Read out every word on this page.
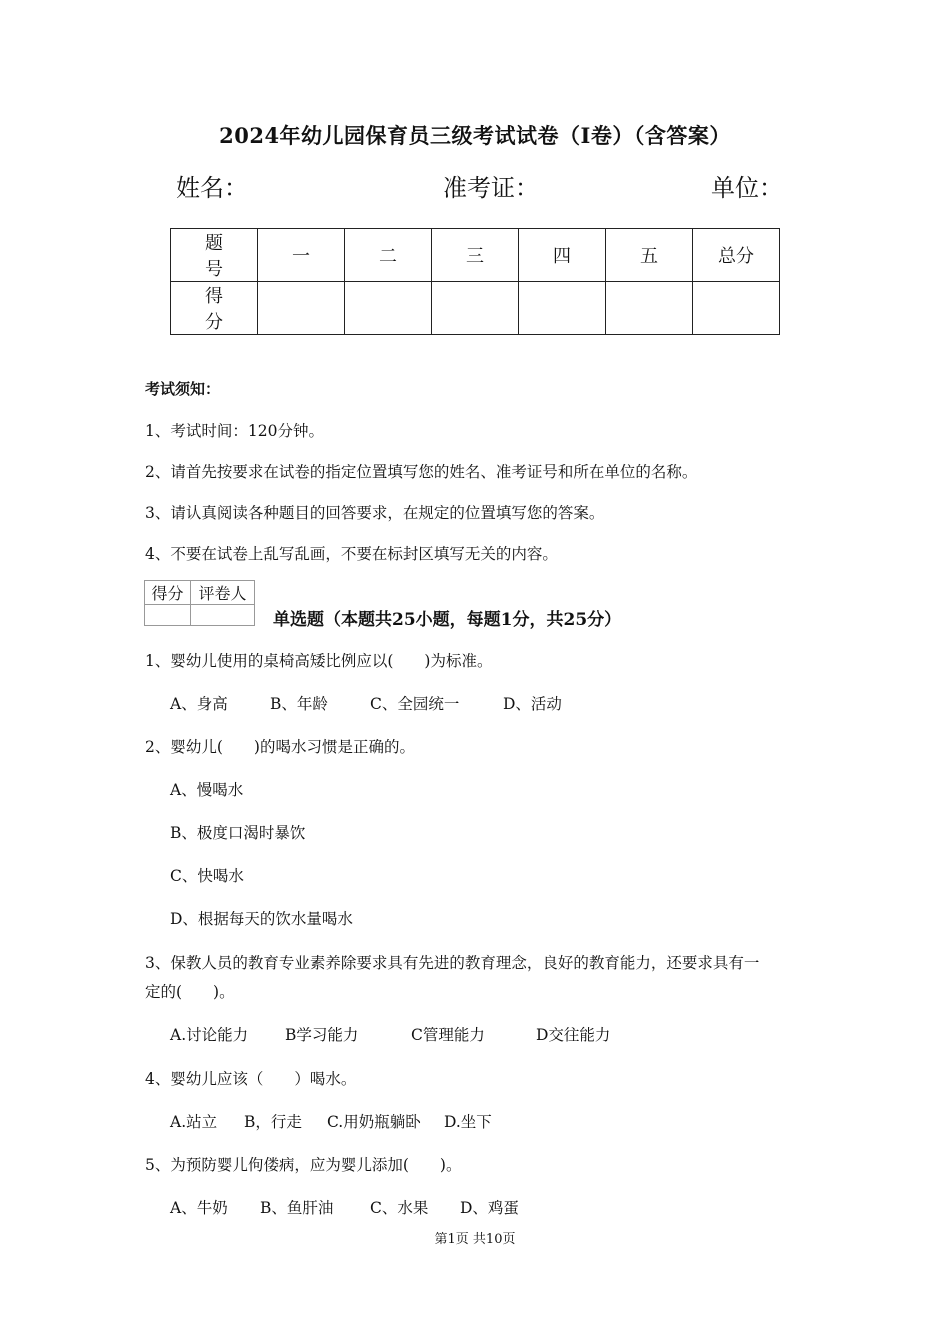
2024年幼儿园保育员三级考试试卷（I卷）（含答案）
姓名：	准考证：	单位：
题 号	一	二	三	四	五	总分
得 分						
考试须知：
1、考试时间：120分钟。
2、请首先按要求在试卷的指定位置填写您的姓名、准考证号和所在单位的名称。
3、请认真阅读各种题目的回答要求，在规定的位置填写您的答案。
4、不要在试卷上乱写乱画，不要在标封区填写无关的内容。
得分	评卷人

单选题（本题共25小题，每题1分，共25分）
1、婴幼儿使用的桌椅高矮比例应以(　　)为标准。
A、身高	B、年龄	C、全园统一	D、活动
2、婴幼儿(　　)的喝水习惯是正确的。
A、慢喝水
B、极度口渴时暴饮
C、快喝水
D、根据每天的饮水量喝水
3、保教人员的教育专业素养除要求具有先进的教育理念，良好的教育能力，还要求具有一
定的(　　)。
A.讨论能力 B学习能力	C管理能力	D交往能力
4、婴幼儿应该（　　）喝水。
A.站立 B，行走 C.用奶瓶躺卧 D.坐下
5、为预防婴儿佝偻病，应为婴儿添加(　　)。
A、牛奶 B、鱼肝油 C、水果 D、鸡蛋
第1页 共10页
